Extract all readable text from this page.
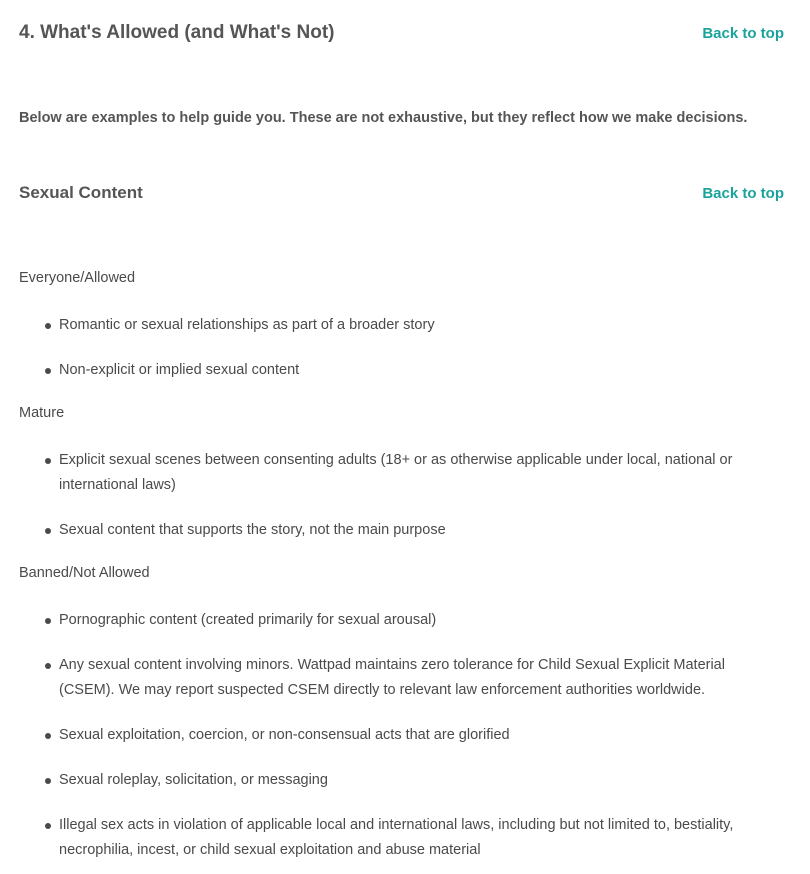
4. What's Allowed (and What's Not)	Back to top

Below are examples to help guide you. These are not exhaustive, but they reflect how we make decisions.

Sexual Content	Back to top

Everyone/Allowed

Romantic or sexual relationships as part of a broader story
Non-explicit or implied sexual content

Mature

Explicit sexual scenes between consenting adults (18+ or as otherwise applicable under local, national or international laws)
Sexual content that supports the story, not the main purpose

Banned/Not Allowed

Pornographic content (created primarily for sexual arousal)
Any sexual content involving minors. Wattpad maintains zero tolerance for Child Sexual Explicit Material (CSEM). We may report suspected CSEM directly to relevant law enforcement authorities worldwide.
Sexual exploitation, coercion, or non-consensual acts that are glorified
Sexual roleplay, solicitation, or messaging
Illegal sex acts in violation of applicable local and international laws, including but not limited to, bestiality, necrophilia, incest, or child sexual exploitation and abuse material
